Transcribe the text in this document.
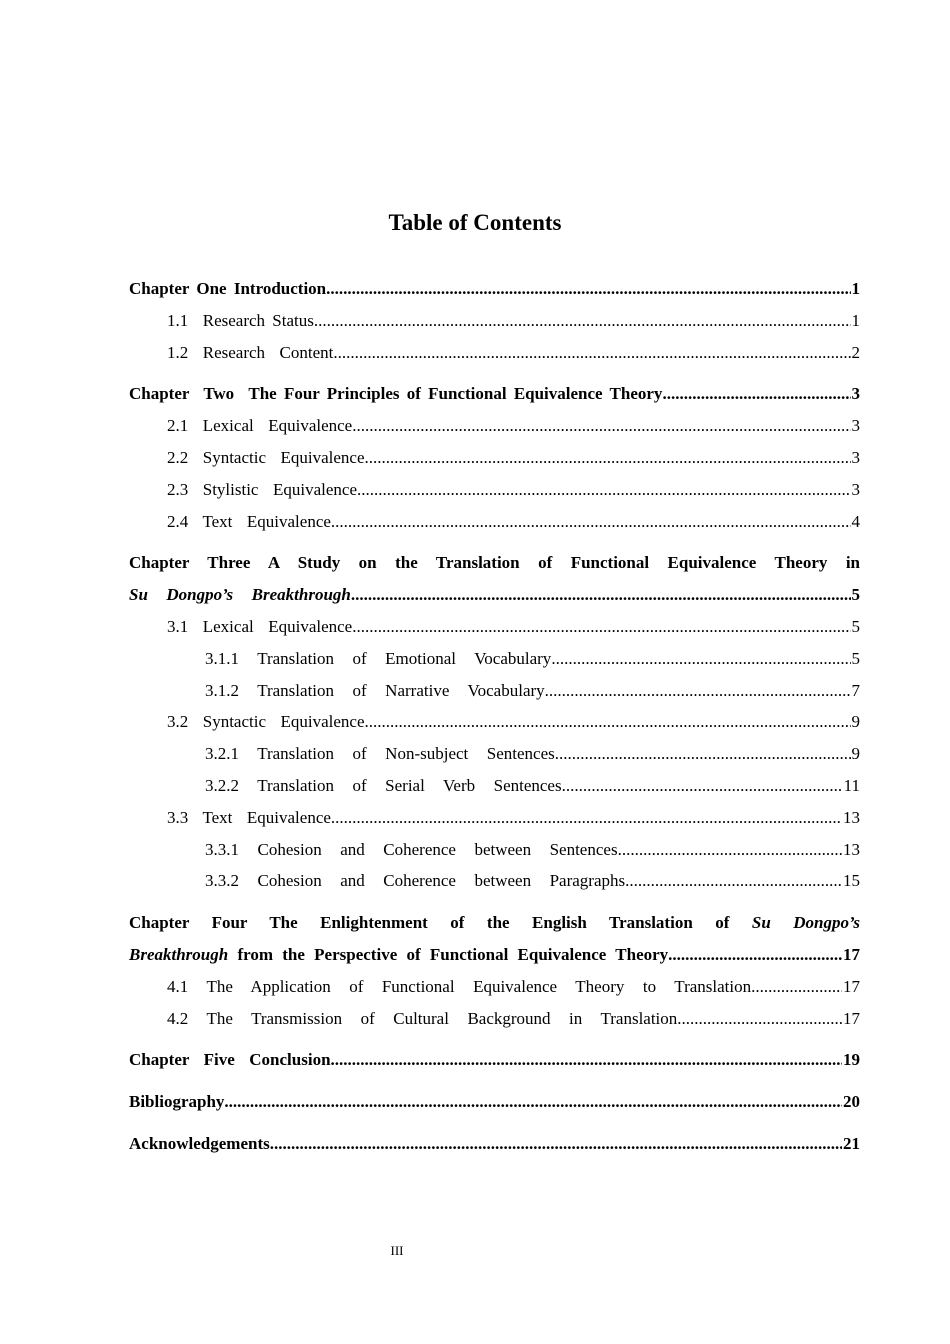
Table of Contents
Chapter One Introduction .....	1
1.1  Research Status .....	1
1.2  Research  Content .....	2
Chapter  Two  The Four Principles of Functional Equivalence Theory .....	3
2.1  Lexical  Equivalence .....	3
2.2  Syntactic  Equivalence .....	3
2.3  Stylistic  Equivalence .....	3
2.4  Text  Equivalence .....	4
Chapter Three A Study on the Translation of Functional Equivalence Theory in
Su  Dongpo’s  Breakthrough .....	5
3.1  Lexical  Equivalence .....	5
3.1.1  Translation  of  Emotional  Vocabulary .....	5
3.1.2  Translation  of  Narrative  Vocabulary .....	7
3.2  Syntactic  Equivalence .....	9
3.2.1  Translation  of  Non-subject  Sentences .....	9
3.2.2  Translation  of  Serial  Verb  Sentences .....	11
3.3  Text  Equivalence .....	13
3.3.1  Cohesion  and  Coherence  between  Sentences .....	13
3.3.2  Cohesion  and  Coherence  between  Paragraphs .....	15
Chapter Four The Enlightenment of the English Translation of Su Dongpo’s
Breakthrough from the Perspective of Functional Equivalence Theory .....	17
4.1  The  Application  of  Functional  Equivalence  Theory  to  Translation .....	17
4.2  The  Transmission  of  Cultural  Background  in  Translation .....	17
Chapter  Five  Conclusion .....	19
Bibliography .....	20
Acknowledgements .....	21
III
